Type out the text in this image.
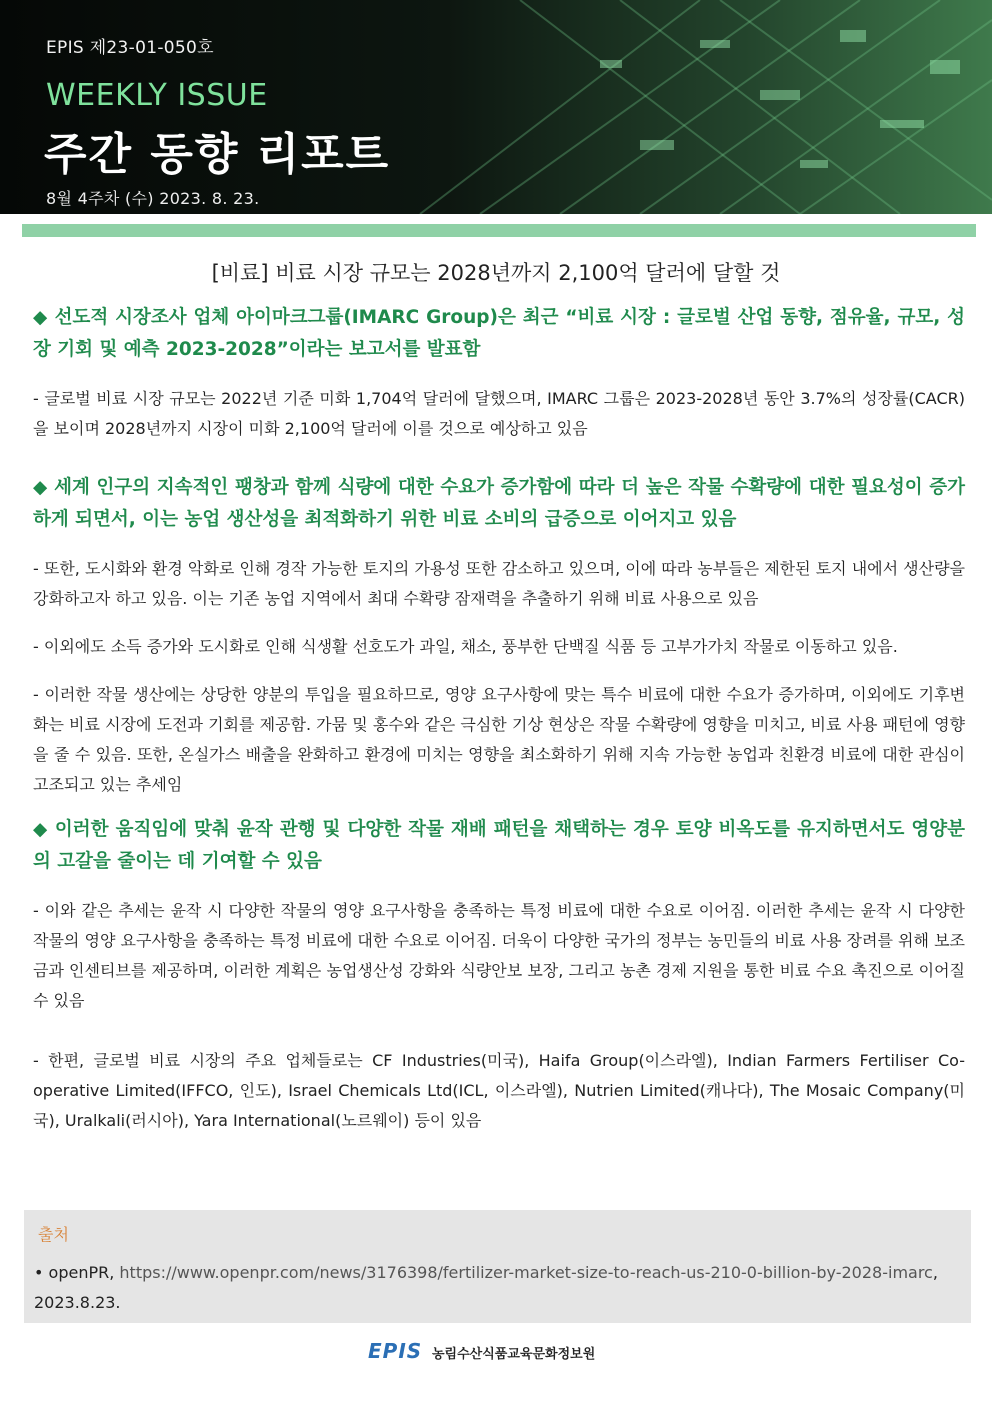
EPIS 제23-01-050호
WEEKLY ISSUE
주간 동향 리포트
8월 4주차 (수) 2023. 8. 23.
[비료] 비료 시장 규모는 2028년까지 2,100억 달러에 달할 것

◆ 선도적 시장조사 업체 아이마크그룹(IMARC Group)은 최근 “비료 시장 : 글로벌 산업 동향, 점유율, 규모, 성장 기회 및 예측 2023-2028”이라는 보고서를 발표함

- 글로벌 비료 시장 규모는 2022년 기준 미화 1,704억 달러에 달했으며, IMARC 그룹은 2023-2028년 동안 3.7%의 성장률(CACR)을 보이며 2028년까지 시장이 미화 2,100억 달러에 이를 것으로 예상하고 있음

◆ 세계 인구의 지속적인 팽창과 함께 식량에 대한 수요가 증가함에 따라 더 높은 작물 수확량에 대한 필요성이 증가하게 되면서, 이는 농업 생산성을 최적화하기 위한 비료 소비의 급증으로 이어지고 있음

- 또한, 도시화와 환경 악화로 인해 경작 가능한 토지의 가용성 또한 감소하고 있으며, 이에 따라 농부들은 제한된 토지 내에서 생산량을 강화하고자 하고 있음. 이는 기존 농업 지역에서 최대 수확량 잠재력을 추출하기 위해 비료 사용으로 있음

- 이외에도 소득 증가와 도시화로 인해 식생활 선호도가 과일, 채소, 풍부한 단백질 식품 등 고부가가치 작물로 이동하고 있음.

- 이러한 작물 생산에는 상당한 양분의 투입을 필요하므로, 영양 요구사항에 맞는 특수 비료에 대한 수요가 증가하며, 이외에도 기후변화는 비료 시장에 도전과 기회를 제공함. 가뭄 및 홍수와 같은 극심한 기상 현상은 작물 수확량에 영향을 미치고, 비료 사용 패턴에 영향을 줄 수 있음. 또한, 온실가스 배출을 완화하고 환경에 미치는 영향을 최소화하기 위해 지속 가능한 농업과 친환경 비료에 대한 관심이 고조되고 있는 추세임

◆ 이러한 움직임에 맞춰 윤작 관행 및 다양한 작물 재배 패턴을 채택하는 경우 토양 비옥도를 유지하면서도 영양분의 고갈을 줄이는 데 기여할 수 있음

- 이와 같은 추세는 윤작 시 다양한 작물의 영양 요구사항을 충족하는 특정 비료에 대한 수요로 이어짐. 이러한 추세는 윤작 시 다양한 작물의 영양 요구사항을 충족하는 특정 비료에 대한 수요로 이어짐. 더욱이 다양한 국가의 정부는 농민들의 비료 사용 장려를 위해 보조금과 인센티브를 제공하며, 이러한 계획은 농업생산성 강화와 식량안보 보장, 그리고 농촌 경제 지원을 통한 비료 수요 촉진으로 이어질 수 있음

- 한편, 글로벌 비료 시장의 주요 업체들로는 CF Industries(미국), Haifa Group(이스라엘), Indian Farmers Fertiliser Co-operative Limited(IFFCO, 인도), Israel Chemicals Ltd(ICL, 이스라엘), Nutrien Limited(캐나다), The Mosaic Company(미국), Uralkali(러시아), Yara International(노르웨이) 등이 있음

출처
• openPR, https://www.openpr.com/news/3176398/fertilizer-market-size-to-reach-us-210-0-billion-by-2028-imarc, 2023.8.23.
EPIS 농림수산식품교육문화정보원
